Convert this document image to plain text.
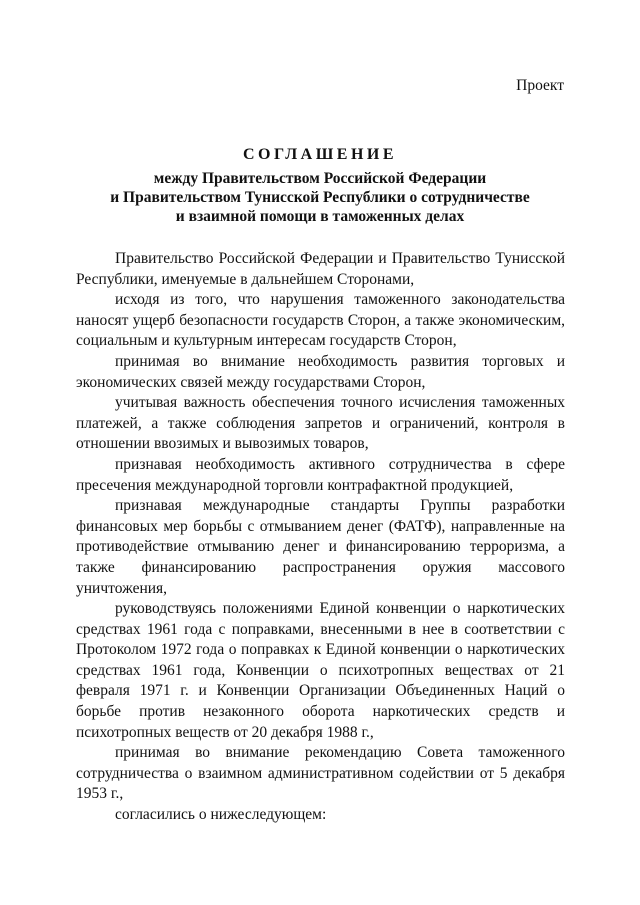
Проект
СОГЛАШЕНИЕ
между Правительством Российской Федерации
и Правительством Тунисской Республики о сотрудничестве
и взаимной помощи в таможенных делах

Правительство Российской Федерации и Правительство Тунисской Республики, именуемые в дальнейшем Сторонами,

исходя из того, что нарушения таможенного законодательства наносят ущерб безопасности государств Сторон, а также экономическим, социальным и культурным интересам государств Сторон,

принимая во внимание необходимость развития торговых и экономических связей между государствами Сторон,

учитывая важность обеспечения точного исчисления таможенных платежей, а также соблюдения запретов и ограничений, контроля в отношении ввозимых и вывозимых товаров,

признавая необходимость активного сотрудничества в сфере пресечения международной торговли контрафактной продукцией,

признавая международные стандарты Группы разработки финансовых мер борьбы с отмыванием денег (ФАТФ), направленные на противодействие отмыванию денег и финансированию терроризма, а также финансированию распространения оружия массового уничтожения,

руководствуясь положениями Единой конвенции о наркотических средствах 1961 года с поправками, внесенными в нее в соответствии с Протоколом 1972 года о поправках к Единой конвенции о наркотических средствах 1961 года, Конвенции о психотропных веществах от 21 февраля 1971 г. и Конвенции Организации Объединенных Наций о борьбе против незаконного оборота наркотических средств и психотропных веществ от 20 декабря 1988 г.,

принимая во внимание рекомендацию Совета таможенного сотрудничества о взаимном административном содействии от 5 декабря 1953 г.,

согласились о нижеследующем:
